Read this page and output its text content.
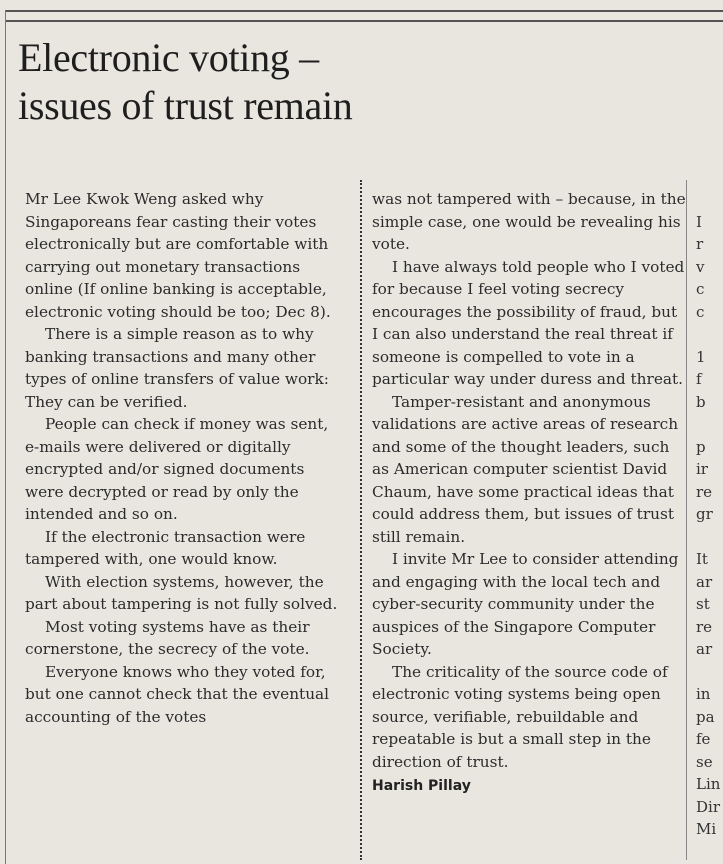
Electronic voting –
issues of trust remain

Mr Lee Kwok Weng asked why Singaporeans fear casting their votes electronically but are comfortable with carrying out monetary transactions online (If online banking is acceptable, electronic voting should be too; Dec 8).

There is a simple reason as to why banking transactions and many other types of online transfers of value work: They can be verified.

People can check if money was sent, e-mails were delivered or digitally encrypted and/or signed documents were decrypted or read by only the intended and so on.

If the electronic transaction were tampered with, one would know.

With election systems, however, the part about tampering is not fully solved.

Most voting systems have as their cornerstone, the secrecy of the vote.

Everyone knows who they voted for, but one cannot check that the eventual accounting of the votes

was not tampered with – because, in the simple case, one would be revealing his vote.

I have always told people who I voted for because I feel voting secrecy encourages the possibility of fraud, but I can also understand the real threat if someone is compelled to vote in a particular way under duress and threat.

Tamper-resistant and anonymous validations are active areas of research and some of the thought leaders, such as American computer scientist David Chaum, have some practical ideas that could address them, but issues of trust still remain.

I invite Mr Lee to consider attending and engaging with the local tech and cyber-security community under the auspices of the Singapore Computer Society.

The criticality of the source code of electronic voting systems being open source, verifiable, rebuildable and repeatable is but a small step in the direction of trust.

Harish Pillay
I
r
v
c
c
1
f
b
p
ir
re
gr
It
ar
st
re
ar
in
pa
fe
se
Lin
Dir
Mi
